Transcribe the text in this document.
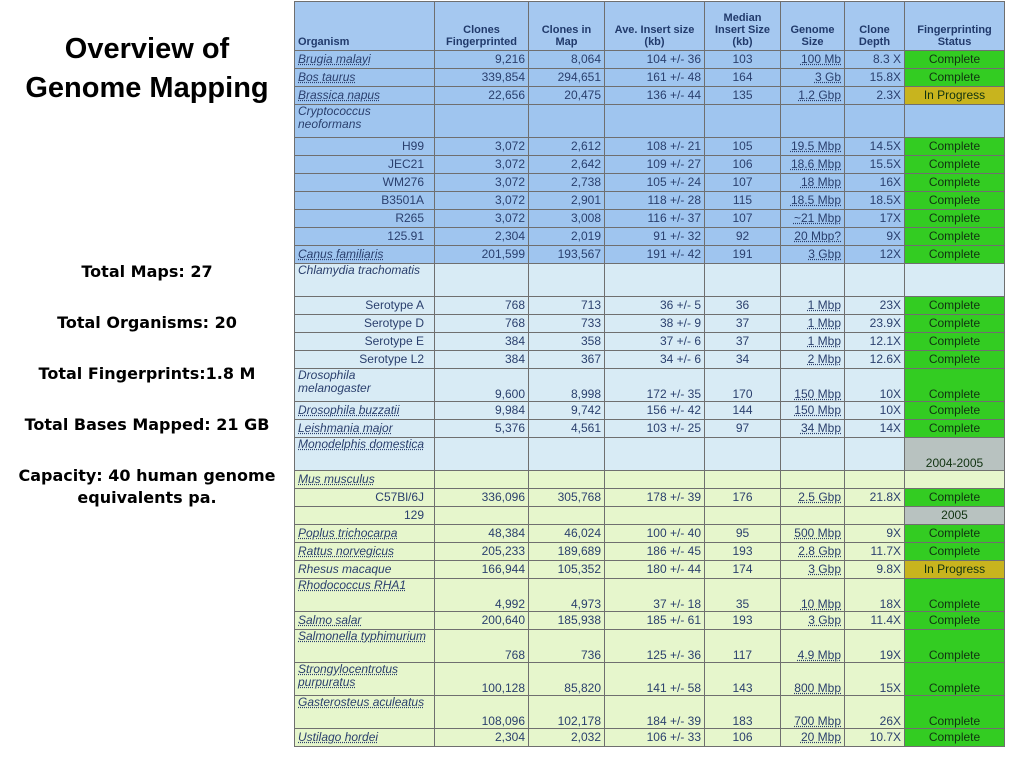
Overview of
Genome Mapping
Total Maps: 27
Total Organisms: 20
Total Fingerprints:1.8 M
Total Bases Mapped: 21 GB
Capacity: 40 human genome equivalents pa.
Organism	Clones Fingerprinted	Clones in Map	Ave. Insert size (kb)	Median Insert Size (kb)	Genome Size	Clone Depth	Fingerprinting Status
Brugia malayi	9,216	8,064	104 +/- 36	103	100 Mb	8.3 X	Complete
Bos taurus	339,854	294,651	161 +/- 48	164	3 Gb	15.8X	Complete
Brassica napus	22,656	20,475	136 +/- 44	135	1.2 Gbp	2.3X	In Progress
Cryptococcus neoformans							
H99	3,072	2,612	108 +/- 21	105	19.5 Mbp	14.5X	Complete
JEC21	3,072	2,642	109 +/- 27	106	18.6 Mbp	15.5X	Complete
WM276	3,072	2,738	105 +/- 24	107	18 Mbp	16X	Complete
B3501A	3,072	2,901	118 +/- 28	115	18.5 Mbp	18.5X	Complete
R265	3,072	3,008	116 +/- 37	107	~21 Mbp	17X	Complete
125.91	2,304	2,019	91 +/- 32	92	20 Mbp?	9X	Complete
Canus familiaris	201,599	193,567	191 +/- 42	191	3 Gbp	12X	Complete
Chlamydia trachomatis							
Serotype A	768	713	36 +/- 5	36	1 Mbp	23X	Complete
Serotype D	768	733	38 +/- 9	37	1 Mbp	23.9X	Complete
Serotype E	384	358	37 +/- 6	37	1 Mbp	12.1X	Complete
Serotype L2	384	367	34 +/- 6	34	2 Mbp	12.6X	Complete
Drosophila melanogaster	9,600	8,998	172 +/- 35	170	150 Mbp	10X	Complete
Drosophila buzzatii	9,984	9,742	156 +/- 42	144	150 Mbp	10X	Complete
Leishmania major	5,376	4,561	103 +/- 25	97	34 Mbp	14X	Complete
Monodelphis domestica							2004-2005
Mus musculus							
C57Bl/6J	336,096	305,768	178 +/- 39	176	2.5 Gbp	21.8X	Complete
129							2005
Poplus trichocarpa	48,384	46,024	100 +/- 40	95	500 Mbp	9X	Complete
Rattus norvegicus	205,233	189,689	186 +/- 45	193	2.8 Gbp	11.7X	Complete
Rhesus macaque	166,944	105,352	180 +/- 44	174	3 Gbp	9.8X	In Progress
Rhodococcus RHA1	4,992	4,973	37 +/- 18	35	10 Mbp	18X	Complete
Salmo salar	200,640	185,938	185 +/- 61	193	3 Gbp	11.4X	Complete
Salmonella typhimurium	768	736	125 +/- 36	117	4.9 Mbp	19X	Complete
Strongylocentrotus purpuratus	100,128	85,820	141 +/- 58	143	800 Mbp	15X	Complete
Gasterosteus aculeatus	108,096	102,178	184 +/- 39	183	700 Mbp	26X	Complete
Ustilago hordei	2,304	2,032	106 +/- 33	106	20 Mbp	10.7X	Complete
